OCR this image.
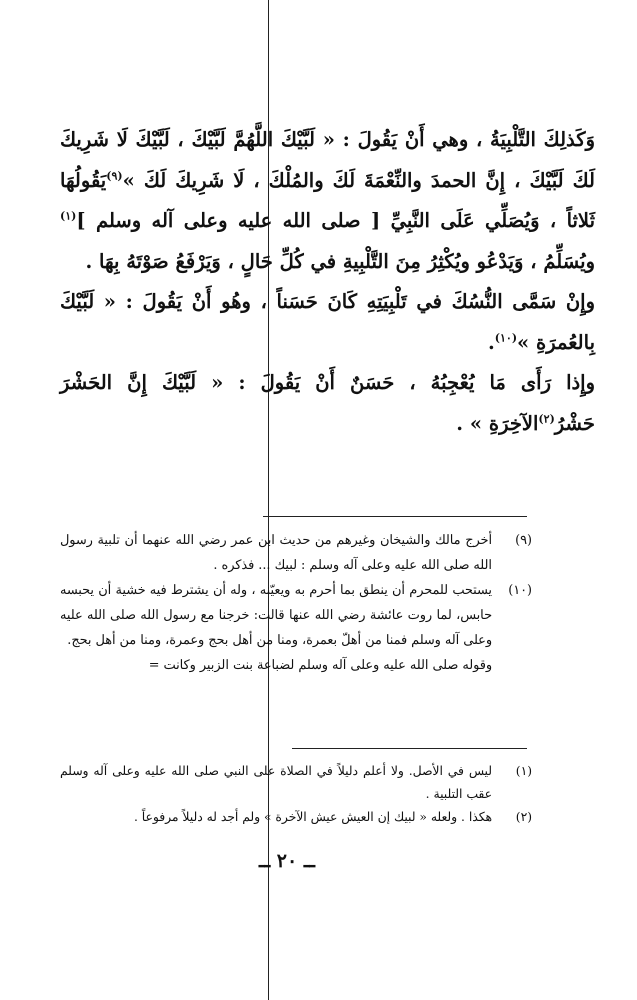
وَكَذلِكَ التَّلْبِيَةُ ، وهي أَنْ يَقُولَ : « لَبَّيْكَ اللَّهُمَّ لَبَّيْكَ ، لَبَّيْكَ لَا شَرِيكَ لَكَ لَبَّيْكَ ، إِنَّ الحمدَ والنِّعْمَةَ لَكَ والمُلْكَ ، لَا شَرِيكَ لَكَ »$^{(٩)}$يَقُولُهَا ثَلاثاً ، وَيُصَلِّي عَلَى النَّبِيِّ [ صلى الله عليه وعلى آله وسلم ]$^{(١)}$ ويُسَلِّمُ ، وَيَدْعُو ويُكْثِرُ مِنَ التَّلْبِيةِ في كُلِّ حَالٍ ، وَيَرْفَعُ صَوْتَهُ بِهَا .

وإِنْ سَمَّى النُّسُكَ في تَلْبِيَتِهِ كَانَ حَسَناً ، وهُو أَنْ يَقُولَ : « لَبَّيْكَ بِالعُمرَةِ »$^{(١٠)}$.

وإِذا رَأَى مَا يُعْجِبُهُ ، حَسَنٌ أَنْ يَقُولَ : « لَبَّيْكَ إِنَّ الحَشْرَ حَشْرُ$^{(٢)}$الآخِرَةِ » .

(٩)
أخرج مالك والشيخان وغيرهم من حديث ابن عمر رضي الله عنهما أن تلبية رسول الله صلى الله عليه وعلى آله وسلم : لبيك ... فذكره .
(١٠)
يستحب للمحرم أن ينطق بما أحرم به ويعيّنه ، وله أن يشترط فيه خشية أن يحبسه حابس، لما روت عائشة رضي الله عنها قالت: خرجنا مع رسول الله صلى الله عليه وعلى آله وسلم فمنا من أهلّ بعمرة، ومنا من أهل بحج وعمرة، ومنا من أهل بحج.
وقوله صلى الله عليه وعلى آله وسلم لضباعة بنت الزبير وكانت =
(١)
ليس في الأصل. ولا أعلم دليلاً في الصلاة على النبي صلى الله عليه وعلى آله وسلم عقب التلبية .
(٢)
هكذا . ولعله « لبيك إن العيش عيش الآخرة » ولم أجد له دليلاً مرفوعاً .
ــ ٢٠ ــ
